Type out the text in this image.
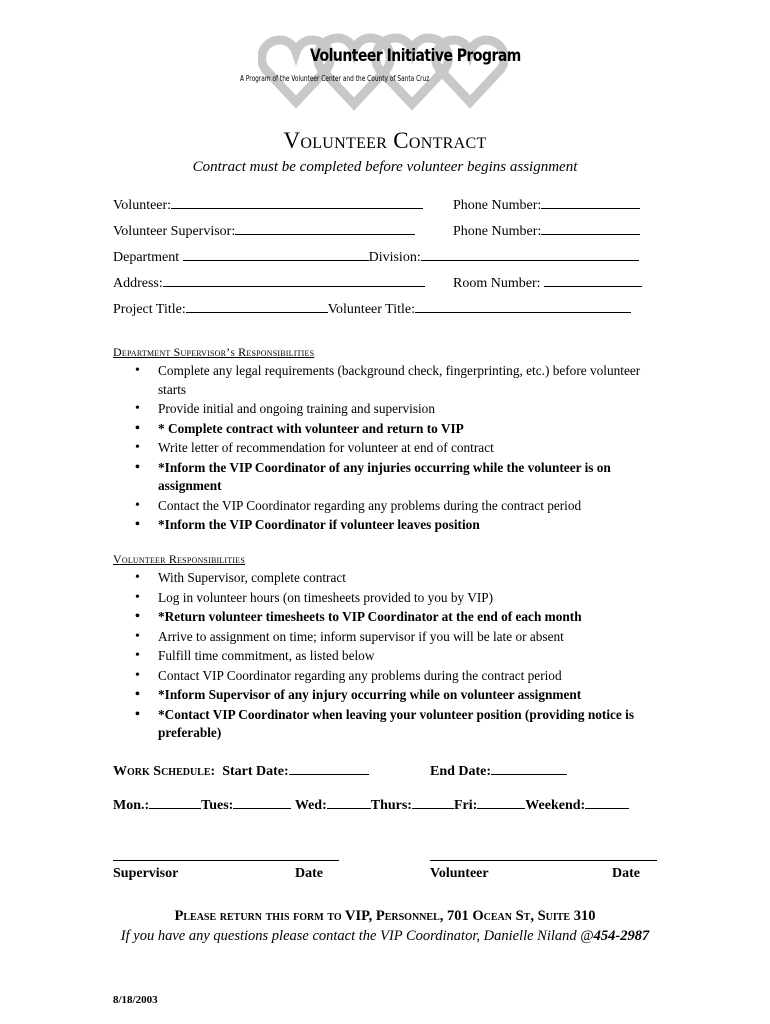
Volunteer Initiative Program
A Program of the Volunteer Center and the County of Santa Cruz
Volunteer Contract
Contract must be completed before volunteer begins assignment
Volunteer:	Phone Number:
Volunteer Supervisor:	Phone Number:
Department	Division:
Address:	Room Number:
Project Title:	Volunteer Title:
Department Supervisor’s Responsibilities
• Complete any legal requirements (background check, fingerprinting, etc.) before volunteer starts
• Provide initial and ongoing training and supervision
• * Complete contract with volunteer and return to VIP
• Write letter of recommendation for volunteer at end of contract
• *Inform the VIP Coordinator of any injuries occurring while the volunteer is on assignment
• Contact the VIP Coordinator regarding any problems during the contract period
• *Inform the VIP Coordinator if volunteer leaves position
Volunteer Responsibilities
• With Supervisor, complete contract
• Log in volunteer hours (on timesheets provided to you by VIP)
• *Return volunteer timesheets to VIP Coordinator at the end of each month
• Arrive to assignment on time; inform supervisor if you will be late or absent
• Fulfill time commitment, as listed below
• Contact VIP Coordinator regarding any problems during the contract period
• *Inform Supervisor of any injury occurring while on volunteer assignment
• *Contact VIP Coordinator when leaving your volunteer position (providing notice is preferable)
Work Schedule: Start Date:	End Date:
Mon.:	Tues:	Wed:	Thurs:	Fri:	Weekend:
Supervisor	Date	Volunteer	Date
Please return this form to VIP, Personnel, 701 Ocean St, Suite 310
If you have any questions please contact the VIP Coordinator, Danielle Niland @454-2987
8/18/2003
